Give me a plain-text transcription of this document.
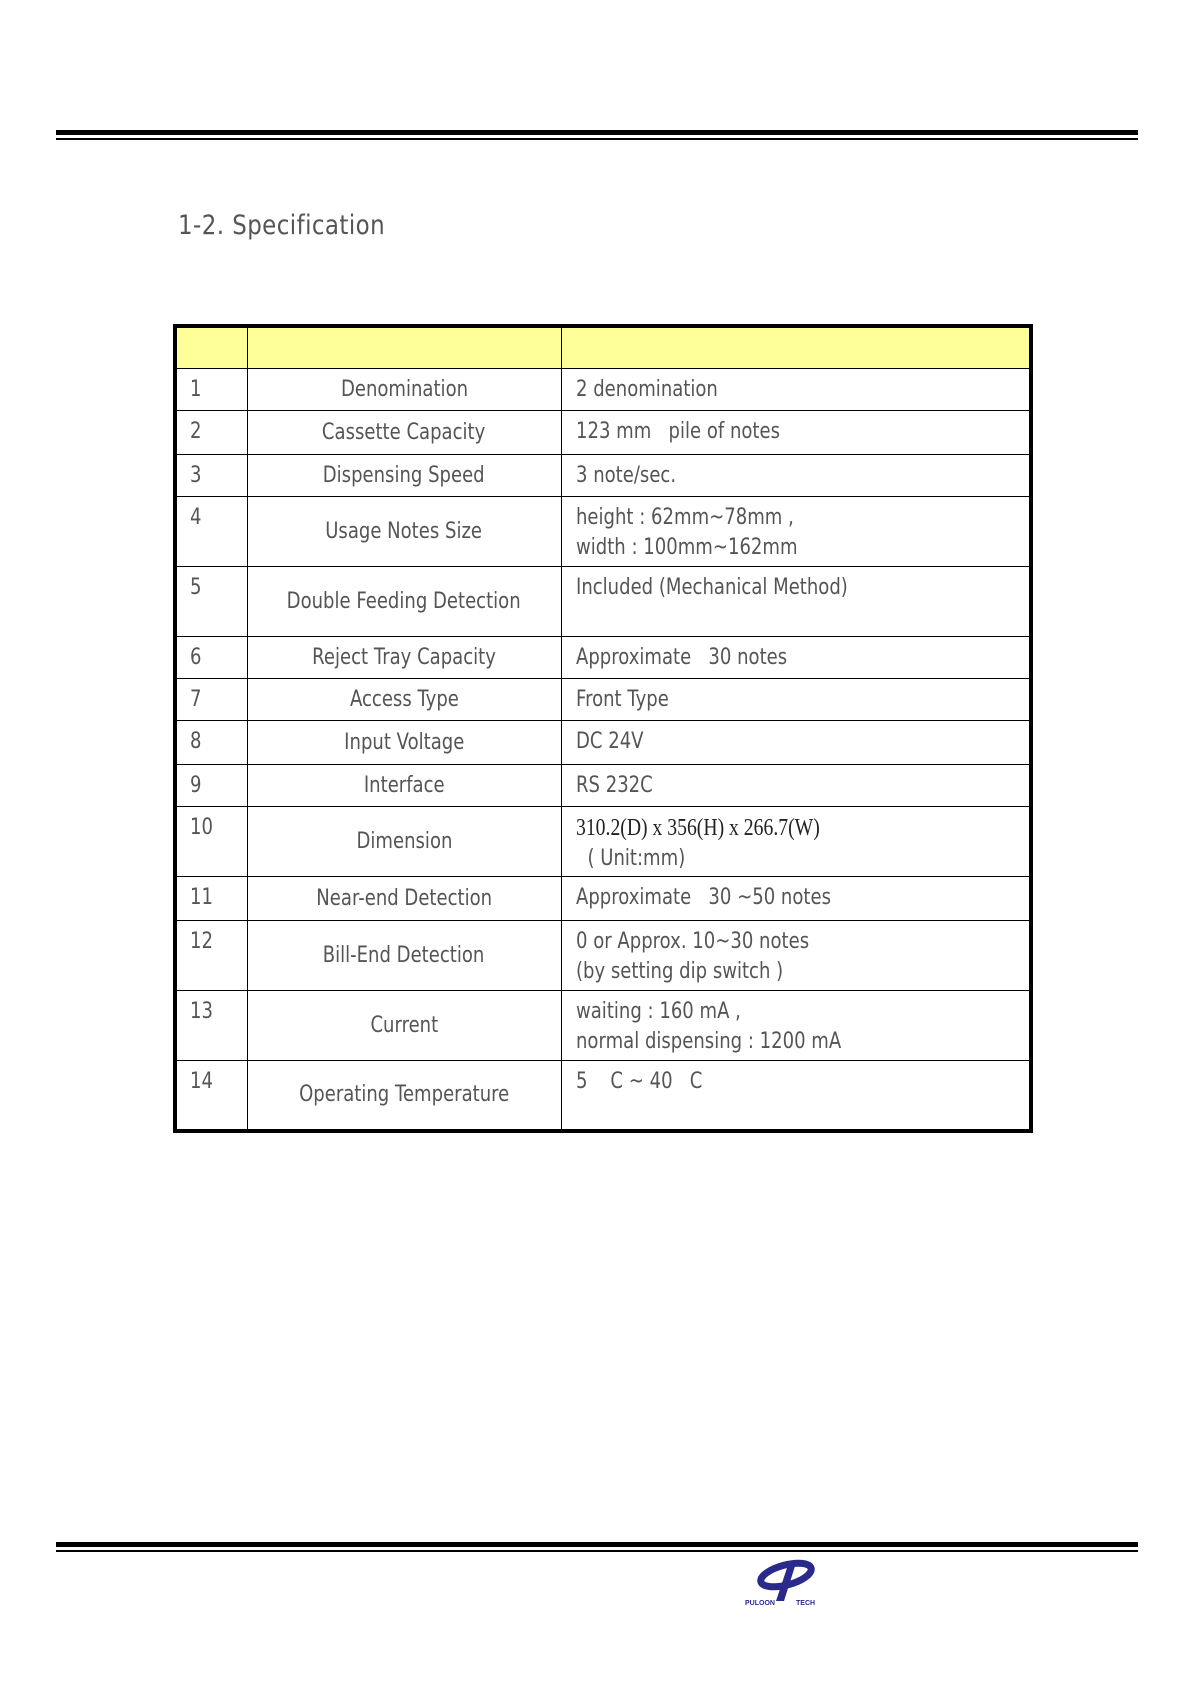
1-2. Specification

1	Denomination	2 denomination

2	Cassette Capacity	123 mm   pile of notes

3	Dispensing Speed	3 note/sec.

4	Usage Notes Size	height : 62mm~78mm ,
width : 100mm~162mm

5	Double Feeding Detection	Included (Mechanical Method)

6	Reject Tray Capacity	Approximate   30 notes

7	Access Type	Front Type

8	Input Voltage	DC 24V

9	Interface	RS 232C

10	Dimension	310.2(D) x 356(H) x 266.7(W)
( Unit:mm)

11	Near-end Detection	Approximate   30 ~50 notes

12	Bill-End Detection	0 or Approx. 10~30 notes
(by setting dip switch )

13	Current	waiting : 160 mA ,
normal dispensing : 1200 mA

14	Operating Temperature	5    C ~ 40   C
PULOON	TECH
